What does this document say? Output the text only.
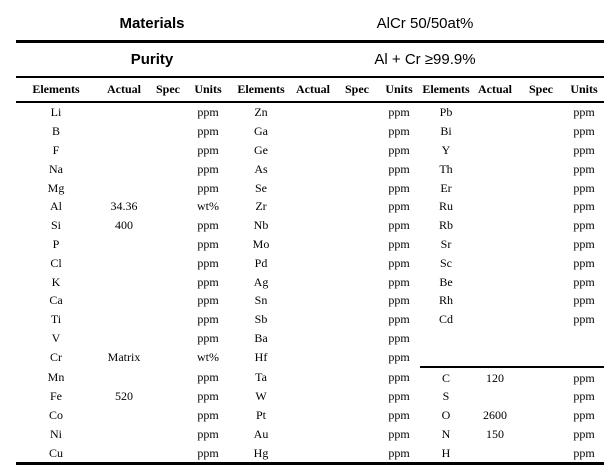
Materials	AlCr 50/50at%
Purity	Al + Cr ≥99.9%
Elements	Actual	Spec	Units	Elements	Actual	Spec	Units	Elements	Actual	Spec	Units
Li			ppm	Zn			ppm	Pb			ppm
B			ppm	Ga			ppm	Bi			ppm
F			ppm	Ge			ppm	Y			ppm
Na			ppm	As			ppm	Th			ppm
Mg			ppm	Se			ppm	Er			ppm
Al	34.36		wt%	Zr			ppm	Ru			ppm
Si	400		ppm	Nb			ppm	Rb			ppm
P			ppm	Mo			ppm	Sr			ppm
Cl			ppm	Pd			ppm	Sc			ppm
K			ppm	Ag			ppm	Be			ppm
Ca			ppm	Sn			ppm	Rh			ppm
Ti			ppm	Sb			ppm	Cd			ppm
V			ppm	Ba			ppm				
Cr	Matrix		wt%	Hf			ppm				
Mn			ppm	Ta			ppm	C	120		ppm
Fe	520		ppm	W			ppm	S			ppm
Co			ppm	Pt			ppm	O	2600		ppm
Ni			ppm	Au			ppm	N	150		ppm
Cu			ppm	Hg			ppm	H			ppm
